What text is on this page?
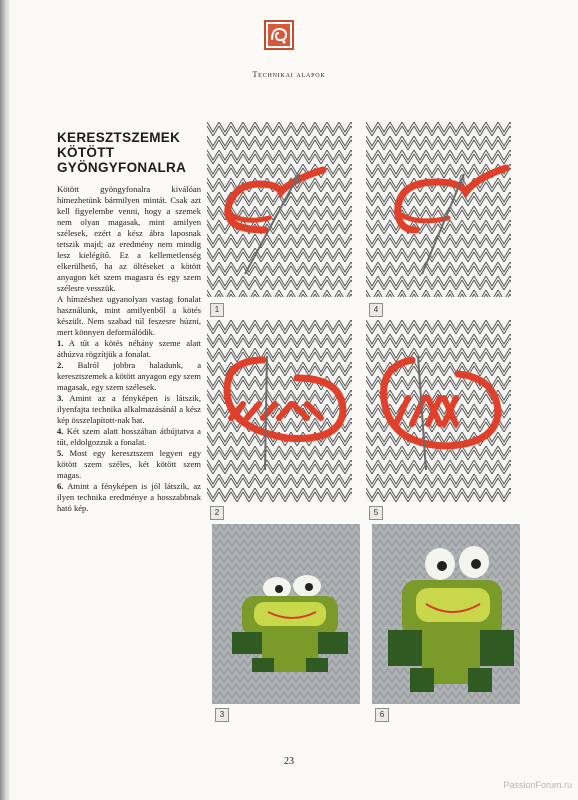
Technikai alapok
KERESZTSZEMEK
KÖTÖTT
GYÖNGYFONALRA

Kötött gyöngyfonalra kiválóan hímezhetünk bármilyen mintát. Csak azt kell figyelembe venni, hogy a szemek nem olyan magasak, mint amilyen szélesek, ezért a kész ábra laposnak tetszik majd; az eredmény nem mindig lesz kielégítő. Ez a kellemetlenség elkerülhető, ha az öltéseket a kötött anyagon két szem magasra és egy szem szélesre vesszük.

A hímzéshez ugyanolyan vastag fonalat használunk, mint amilyenből a kötés készült. Nem szabad túl feszesre húzni, mert könnyen deformálódik.

1. A tűt a kötés néhány szeme alatt áthúzva rögzítjük a fonalat.

2. Balról jobbra haladunk, a keresztszemek a kötött anyagon egy szem magasak, egy szem szélesek.

3. Amint az a fényképen is látszik, ilyenfajta technika alkalmazásánál a kész kép összelapított-nak hat.

4. Két szem alatt hosszában átbújtatva a tűt, eldolgozzuk a fonalat.

5. Most egy keresztszem legyen egy kötött szem széles, két kötött szem magas.

6. Amint a fényképen is jól látszik, az ilyen technika eredménye a hosszabbnak ható kép.

1	4
2	5
3	6
23
PassionForum.ru
